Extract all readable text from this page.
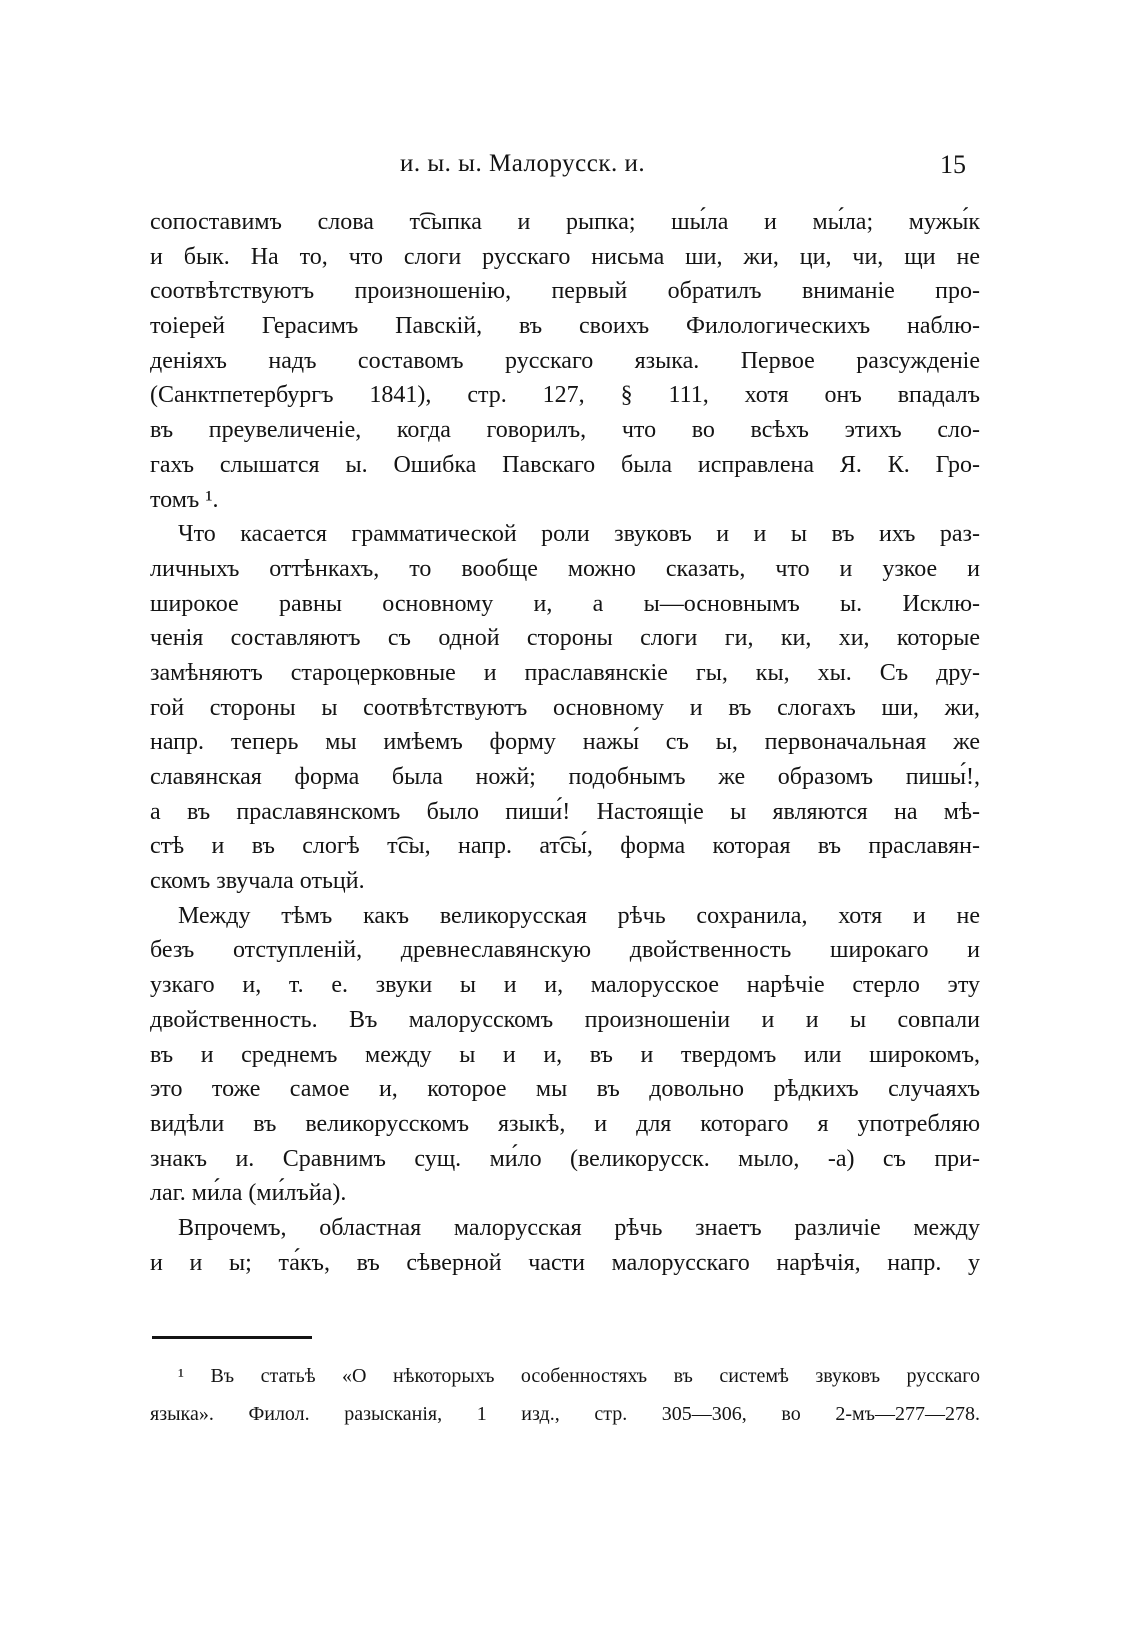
и. ы. ы. Малорусск. и.	15
сопоставимъ слова т͡сыпка и рыпка; шы́ла и мы́ла; мужы́к
и бык. На то, что слоги русскаго нисьма ши, жи, ци, чи, щи не
соотвѣтствуютъ произношенію, первый обратилъ вниманіе про-
тоіерей Герасимъ Павскій, въ своихъ Филологическихъ наблю-
деніяхъ надъ составомъ русскаго языка. Первое разсужденіе
(Санктпетербургъ 1841), стр. 127, § 111, хотя онъ впадалъ
въ преувеличеніе, когда говорилъ, что во всѣхъ этихъ сло-
гахъ слышатся ы. Ошибка Павскаго была исправлена Я. К. Гро-
томъ ¹.
Что касается грамматической роли звуковъ и и ы въ ихъ раз-
личныхъ оттѣнкахъ, то вообще можно сказать, что и узкое и
широкое равны основному и, а ы—основнымъ ы. Исклю-
ченія составляютъ съ одной стороны слоги ги, ки, хи, которые
замѣняютъ староцерковные и праславянскіе гы, кы, хы. Съ дру-
гой стороны ы соотвѣтствуютъ основному и въ слогахъ ши, жи,
напр. теперь мы имѣемъ форму нажы́ съ ы, первоначальная же
славянская форма была ножй; подобнымъ же образомъ пишы́!,
а въ праславянскомъ было пиши́! Настоящіе ы являются на мѣ-
стѣ и въ слогѣ т͡сы, напр. ат͡сы́, форма которая въ праславян-
скомъ звучала отьцй.
Между тѣмъ какъ великорусская рѣчь сохранила, хотя и не
безъ отступленій, древнеславянскую двойственность широкаго и
узкаго и, т. е. звуки ы и и, малорусское нарѣчіе стерло эту
двойственность. Въ малорусскомъ произношеніи и и ы совпали
въ и среднемъ между ы и и, въ и твердомъ или широкомъ,
это тоже самое и, которое мы въ довольно рѣдкихъ случаяхъ
видѣли въ великорусскомъ языкѣ, и для котораго я употребляю
знакъ и. Сравнимъ сущ. ми́ло (великорусск. мыло, -а) съ при-
лаг. ми́ла (ми́лъйа).
Впрочемъ, областная малорусская рѣчь знаетъ различіе между
и и ы; та́къ, въ сѣверной части малорусскаго нарѣчія, напр. у
¹ Въ статьѣ «О нѣкоторыхъ особенностяхъ въ системѣ звуковъ русскаго
языка». Филол. разысканія, 1 изд., стр. 305—306, во 2-мъ—277—278.
